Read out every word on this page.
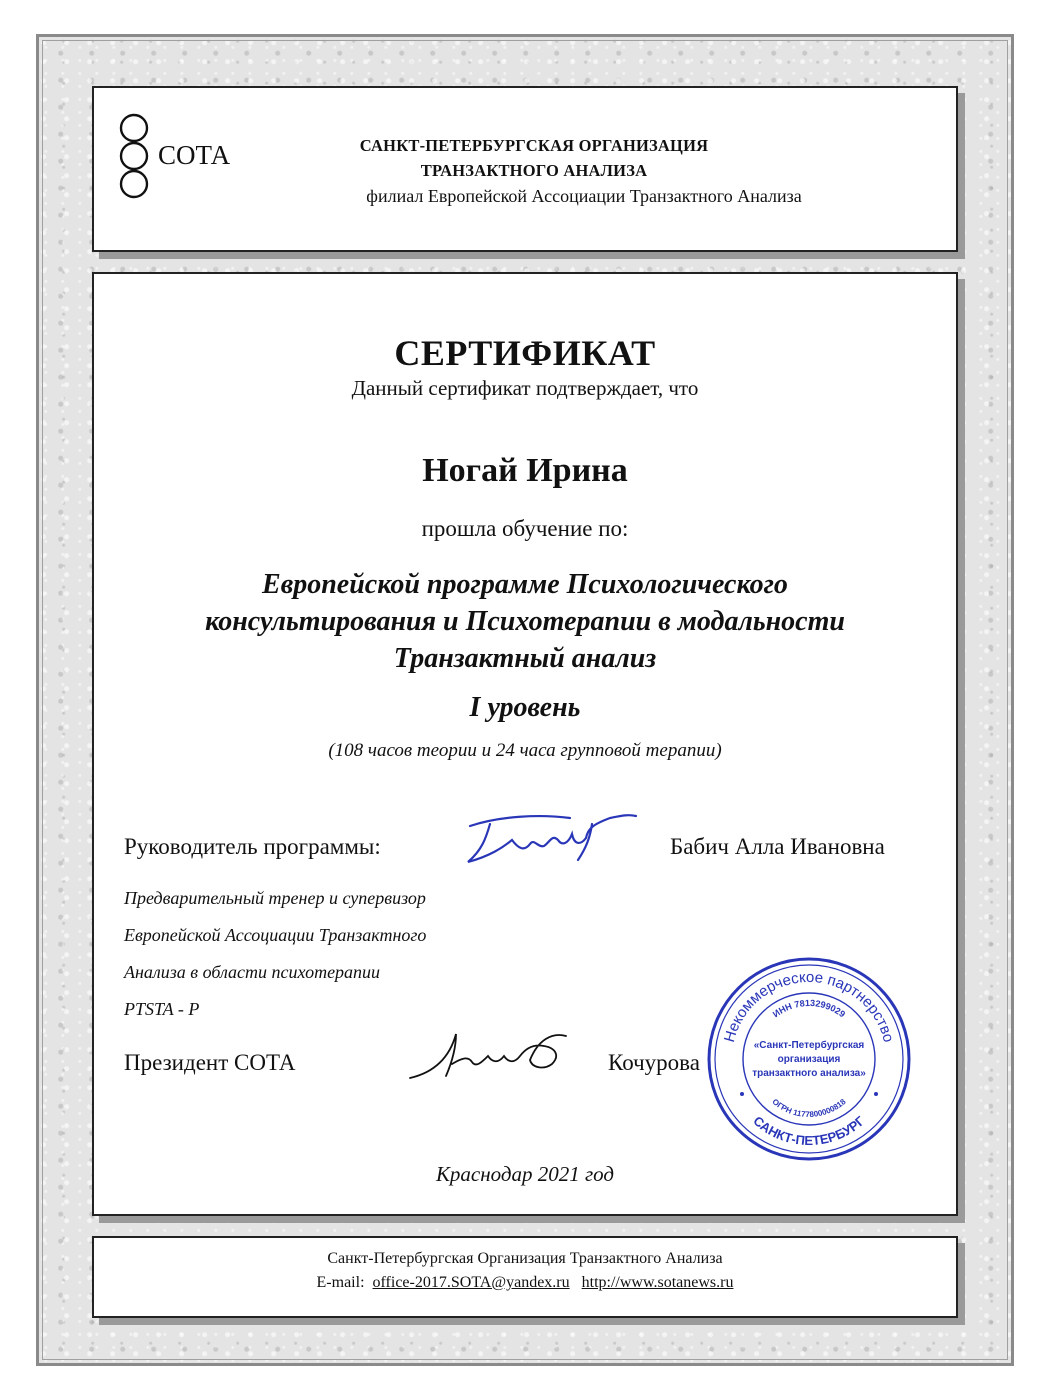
СОТА	САНКТ-ПЕТЕРБУРГСКАЯ ОРГАНИЗАЦИЯ
ТРАНЗАКТНОГО АНАЛИЗА
филиал Европейской Ассоциации Транзактного Анализа
СЕРТИФИКАТ
Данный сертификат подтверждает, что
Ногай Ирина
прошла обучение по:
Европейской программе Психологического
консультирования и Психотерапии в модальности
Транзактный анализ
I уровень
(108 часов теории и 24 часа групповой терапии)
Руководитель программы:	Бабич Алла Ивановна
Предварительный тренер и супервизор
Европейской Ассоциации Транзактного
Анализа в области психотерапии
PTSTA - P
Президент СОТА	Кочурова
Некоммерческое партнерство
ИНН 7813299029
ОГРН 1177800000818
САНКТ-ПЕТЕРБУРГ
«Санкт-Петербургская
организация
транзактного анализа»
Краснодар 2021 год
Санкт-Петербургская Организация Транзактного Анализа
E-mail: office-2017.SOTA@yandex.ru http://www.sotanews.ru
